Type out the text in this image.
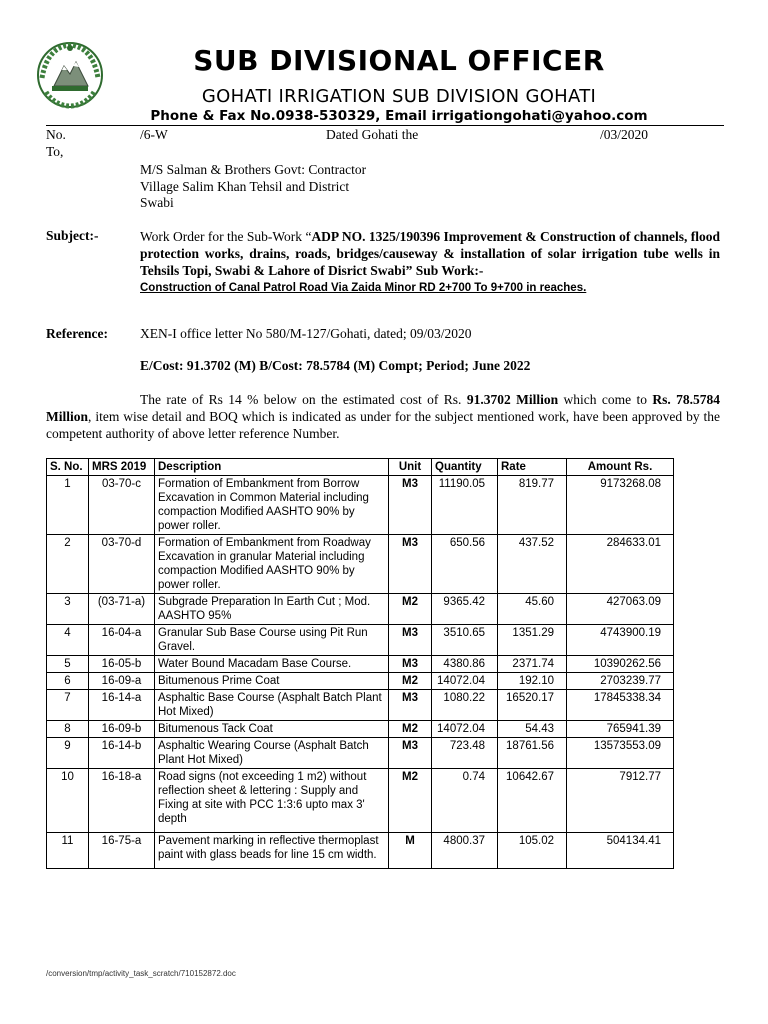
SUB DIVISIONAL OFFICER
GOHATI IRRIGATION SUB DIVISION GOHATI
Phone & Fax No.0938-530329, Email irrigationgohati@yahoo.com
No.	/6-W	Dated Gohati the	/03/2020
To,
M/S Salman & Brothers Govt: Contractor
Village Salim Khan Tehsil and District
Swabi
Subject:-	Work Order for the Sub-Work “ADP NO. 1325/190396 Improvement & Construction of channels, flood protection works, drains, roads, bridges/causeway & installation of solar irrigation tube wells in Tehsils Topi, Swabi & Lahore of Disrict Swabi” Sub Work:-
Construction of Canal Patrol Road Via Zaida Minor RD 2+700 To 9+700 in reaches.
Reference: XEN-I office letter No 580/M-127/Gohati, dated; 09/03/2020
E/Cost: 91.3702 (M) B/Cost: 78.5784 (M) Compt; Period; June 2022
The rate of Rs 14 % below on the estimated cost of Rs. 91.3702 Million which come to Rs. 78.5784 Million, item wise detail and BOQ which is indicated as under for the subject mentioned work, have been approved by the competent authority of above letter reference Number.
S. No.	MRS 2019	Description	Unit	Quantity	Rate	Amount Rs.
1	03-70-c	Formation of Embankment from Borrow Excavation in Common Material including compaction Modified AASHTO 90% by power roller.	M3	11190.05	819.77	9173268.08
2	03-70-d	Formation of Embankment from Roadway Excavation in granular Material including compaction Modified AASHTO 90% by power roller.	M3	650.56	437.52	284633.01
3	(03-71-a)	Subgrade Preparation In Earth Cut ; Mod.
AASHTO 95%	M2	9365.42	45.60	427063.09
4	16-04-a	Granular Sub Base Course using Pit Run Gravel.	M3	3510.65	1351.29	4743900.19
5	16-05-b	Water Bound Macadam Base Course.	M3	4380.86	2371.74	10390262.56
6	16-09-a	Bitumenous Prime Coat	M2	14072.04	192.10	2703239.77
7	16-14-a	Asphaltic Base Course (Asphalt Batch Plant Hot Mixed)	M3	1080.22	16520.17	17845338.34
8	16-09-b	Bitumenous Tack Coat	M2	14072.04	54.43	765941.39
9	16-14-b	Asphaltic Wearing Course (Asphalt Batch Plant Hot Mixed)	M3	723.48	18761.56	13573553.09
10	16-18-a	Road signs (not exceeding 1 m2) without
reflection sheet & lettering : Supply and Fixing at site with PCC 1:3:6 upto max 3' depth	M2	0.74	10642.67	7912.77
11	16-75-a	Pavement marking in reflective thermoplast paint with glass beads for line 15 cm width.	M	4800.37	105.02	504134.41
/conversion/tmp/activity_task_scratch/710152872.doc
